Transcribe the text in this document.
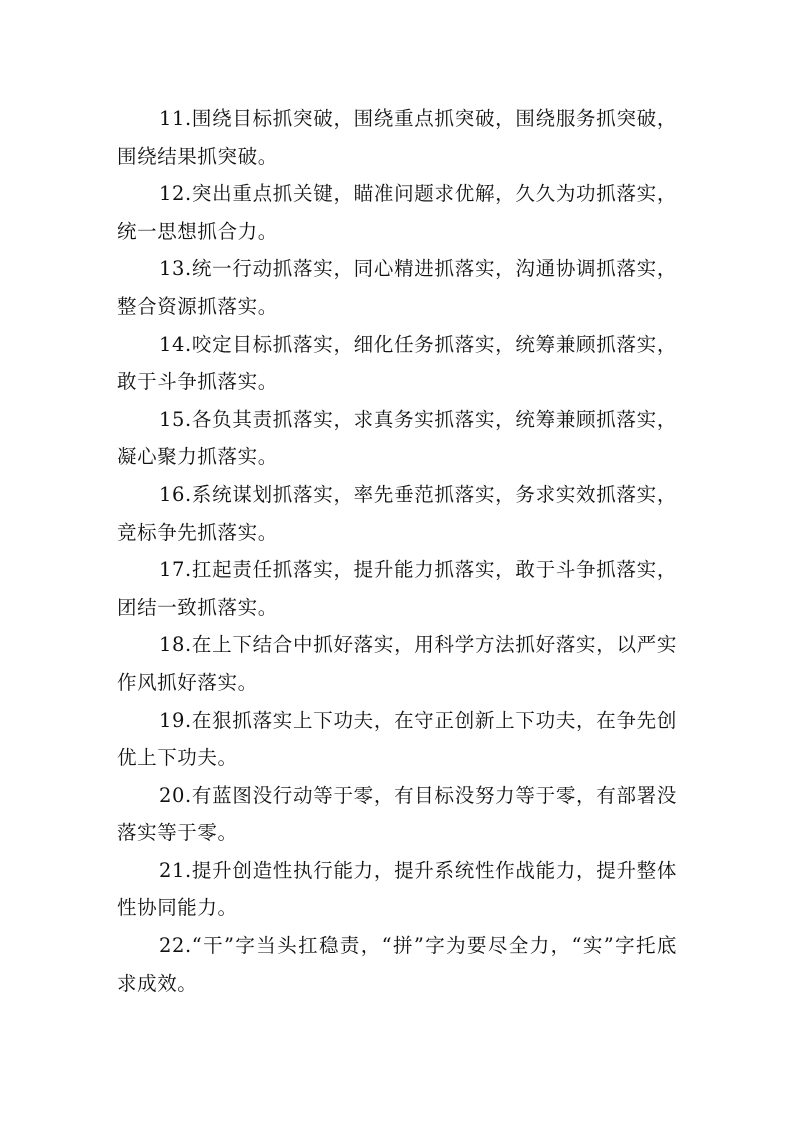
11.围绕目标抓突破，围绕重点抓突破，围绕服务抓突破，围绕结果抓突破。

12.突出重点抓关键，瞄准问题求优解，久久为功抓落实，统一思想抓合力。

13.统一行动抓落实，同心精进抓落实，沟通协调抓落实，整合资源抓落实。

14.咬定目标抓落实，细化任务抓落实，统筹兼顾抓落实，敢于斗争抓落实。

15.各负其责抓落实，求真务实抓落实，统筹兼顾抓落实，凝心聚力抓落实。

16.系统谋划抓落实，率先垂范抓落实，务求实效抓落实，竞标争先抓落实。

17.扛起责任抓落实，提升能力抓落实，敢于斗争抓落实，团结一致抓落实。

18.在上下结合中抓好落实，用科学方法抓好落实，以严实作风抓好落实。

19.在狠抓落实上下功夫，在守正创新上下功夫，在争先创优上下功夫。

20.有蓝图没行动等于零，有目标没努力等于零，有部署没落实等于零。

21.提升创造性执行能力，提升系统性作战能力，提升整体性协同能力。

22.“干”字当头扛稳责，“拼”字为要尽全力，“实”字托底求成效。
